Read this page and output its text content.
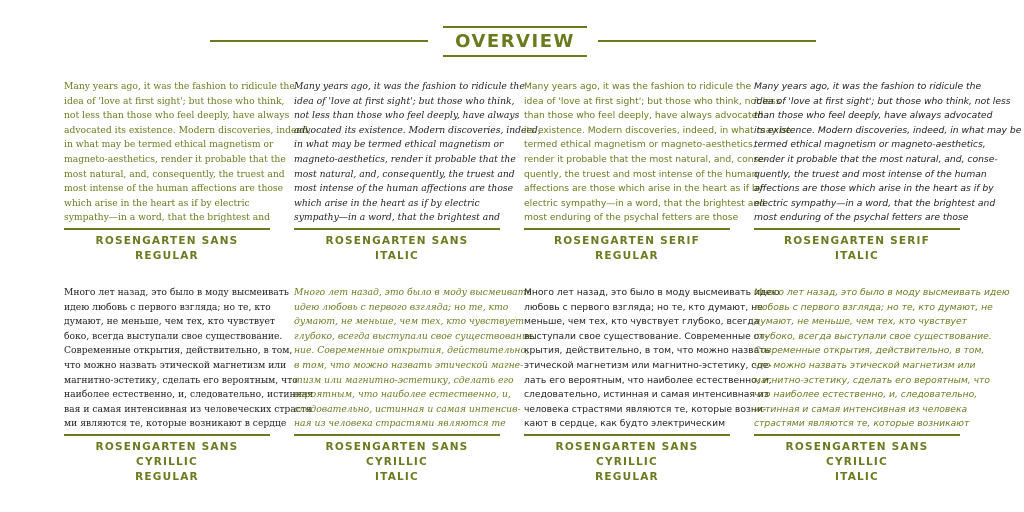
OVERVIEW
Many years ago, it was the fashion to ridicule the
idea of 'love at first sight'; but those who think,
not less than those who feel deeply, have always
advocated its existence. Modern discoveries, indeed,
in what may be termed ethical magnetism or
magneto-aesthetics, render it probable that the
most natural, and, consequently, the truest and
most intense of the human affections are those
which arise in the heart as if by electric
sympathy—in a word, that the brightest and
ROSENGARTEN SANS
REGULAR
Many years ago, it was the fashion to ridicule the
idea of 'love at first sight'; but those who think,
not less than those who feel deeply, have always
advocated its existence. Modern discoveries, indeed,
in what may be termed ethical magnetism or
magneto-aesthetics, render it probable that the
most natural, and, consequently, the truest and
most intense of the human affections are those
which arise in the heart as if by electric
sympathy—in a word, that the brightest and
ROSENGARTEN SANS
ITALIC
Many years ago, it was the fashion to ridicule the
idea of 'love at first sight'; but those who think, not less
than those who feel deeply, have always advocated
its existence. Modern discoveries, indeed, in what may be
termed ethical magnetism or magneto-aesthetics,
render it probable that the most natural, and, conse-
quently, the truest and most intense of the human
affections are those which arise in the heart as if by
electric sympathy—in a word, that the brightest and
most enduring of the psychal fetters are those
ROSENGARTEN SERIF
REGULAR
Many years ago, it was the fashion to ridicule the
idea of 'love at first sight'; but those who think, not less
than those who feel deeply, have always advocated
its existence. Modern discoveries, indeed, in what may be
termed ethical magnetism or magneto-aesthetics,
render it probable that the most natural, and, conse-
quently, the truest and most intense of the human
affections are those which arise in the heart as if by
electric sympathy—in a word, that the brightest and
most enduring of the psychal fetters are those
ROSENGARTEN SERIF
ITALIC
Много лет назад, это было в моду высмеивать
идею любовь с первого взгляда; но те, кто
думают, не меньше, чем тех, кто чувствует
боко, всегда выступали свое существование.
Современные открытия, действительно, в том,
что можно назвать этической магнетизм или
магнитно-эстетику, сделать его вероятным, что
наиболее естественно, и, следовательно, истинная
вая и самая интенсивная из человеческих страстя
ми являются те, которые возникают в сердце
ROSENGARTEN SANS CYRILLIC
REGULAR
Много лет назад, это было в моду высмеивать
идею любовь с первого взгляда; но те, кто
думают, не меньше, чем тех, кто чувствует
глубоко, всегда выступали свое существование.
ние. Современные открытия, действительно,
в том, что можно назвать этической магне-
тизм или магнитно-эстетику, сделать его
вероятным, что наиболее естественно, и,
следовательно, истинная и самая интенсив-
ная из человека страстями являются те
ROSENGARTEN SANS CYRILLIC
ITALIC
Много лет назад, это было в моду высмеивать идею
любовь с первого взгляда; но те, кто думают, не
меньше, чем тех, кто чувствует глубоко, всегда
выступали свое существование. Современные от-
крытия, действительно, в том, что можно назвать
этической магнетизм или магнитно-эстетику, сде-
лать его вероятным, что наиболее естественно, и,
следовательно, истинная и самая интенсивная из
человека страстями являются те, которые возни-
кают в сердце, как будто электрическим
ROSENGARTEN SANS CYRILLIC
REGULAR
Много лет назад, это было в моду высмеивать идею
любовь с первого взгляда; но те, кто думают, не
думают, не меньше, чем тех, кто чувствует
глубоко, всегда выступали свое существование.
Современные открытия, действительно, в том,
что можно назвать этической магнетизм или
магнитно-эстетику, сделать его вероятным, что
что наиболее естественно, и, следовательно,
истинная и самая интенсивная из человека
страстями являются те, которые возникают
ROSENGARTEN SANS CYRILLIC
ITALIC
